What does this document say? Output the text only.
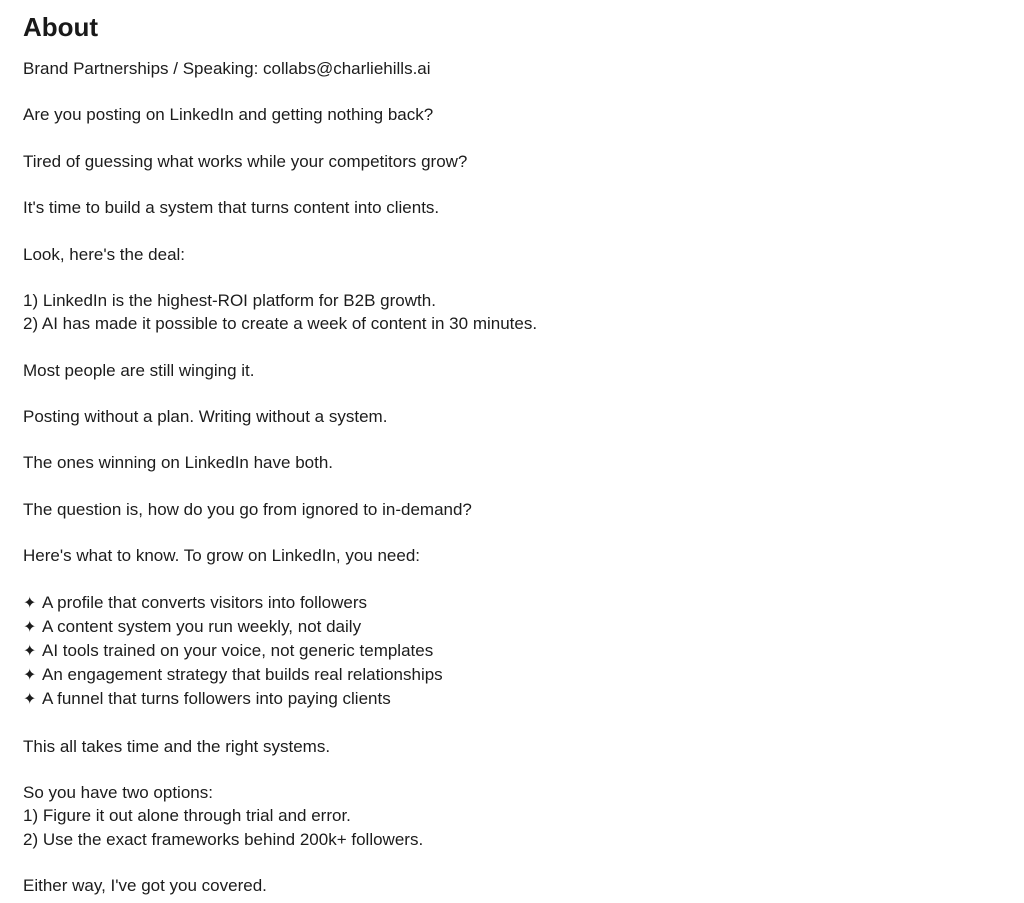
About

Brand Partnerships / Speaking: collabs@charliehills.ai

Are you posting on LinkedIn and getting nothing back?

Tired of guessing what works while your competitors grow?

It's time to build a system that turns content into clients.

Look, here's the deal:

1) LinkedIn is the highest-ROI platform for B2B growth.
2) AI has made it possible to create a week of content in 30 minutes.

Most people are still winging it.

Posting without a plan. Writing without a system.

The ones winning on LinkedIn have both.

The question is, how do you go from ignored to in-demand?

Here's what to know. To grow on LinkedIn, you need:

✦ A profile that converts visitors into followers
✦ A content system you run weekly, not daily
✦ AI tools trained on your voice, not generic templates
✦ An engagement strategy that builds real relationships
✦ A funnel that turns followers into paying clients

This all takes time and the right systems.

So you have two options:
1) Figure it out alone through trial and error.
2) Use the exact frameworks behind 200k+ followers.

Either way, I've got you covered.
